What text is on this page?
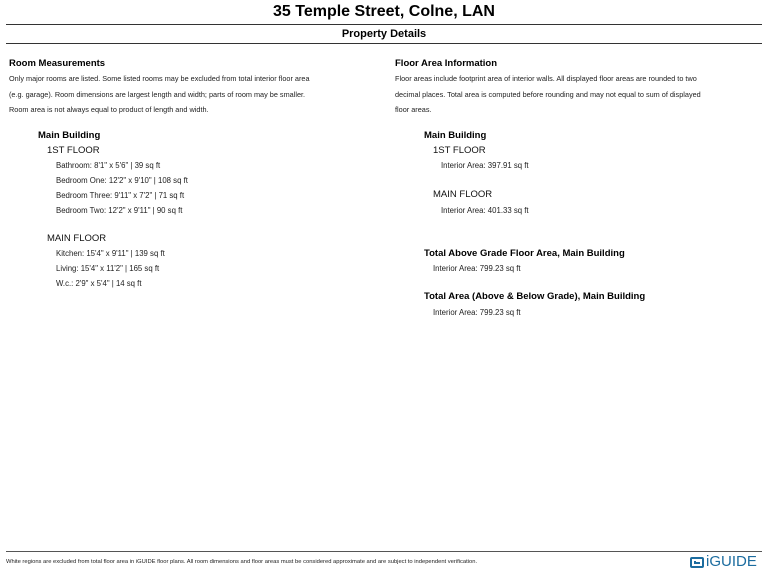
35 Temple Street, Colne, LAN
Property Details
Room Measurements
Only major rooms are listed. Some listed rooms may be excluded from total interior floor area
(e.g. garage). Room dimensions are largest length and width; parts of room may be smaller.
Room area is not always equal to product of length and width.
Main Building
1ST FLOOR
Bathroom: 8'1" x 5'6" | 39 sq ft
Bedroom One: 12'2" x 9'10" | 108 sq ft
Bedroom Three: 9'11" x 7'2" | 71 sq ft
Bedroom Two: 12'2" x 9'11" | 90 sq ft
MAIN FLOOR
Kitchen: 15'4" x 9'11" | 139 sq ft
Living: 15'4" x 11'2" | 165 sq ft
W.c.: 2'9" x 5'4" | 14 sq ft
Floor Area Information
Floor areas include footprint area of interior walls. All displayed floor areas are rounded to two
decimal places. Total area is computed before rounding and may not equal to sum of displayed
floor areas.
Main Building
1ST FLOOR
Interior Area: 397.91 sq ft
MAIN FLOOR
Interior Area: 401.33 sq ft
Total Above Grade Floor Area, Main Building
Interior Area: 799.23 sq ft
Total Area (Above & Below Grade), Main Building
Interior Area: 799.23 sq ft
White regions are excluded from total floor area in iGUIDE floor plans. All room dimensions and floor areas must be considered approximate and are subject to independent verification.	iGUIDE
